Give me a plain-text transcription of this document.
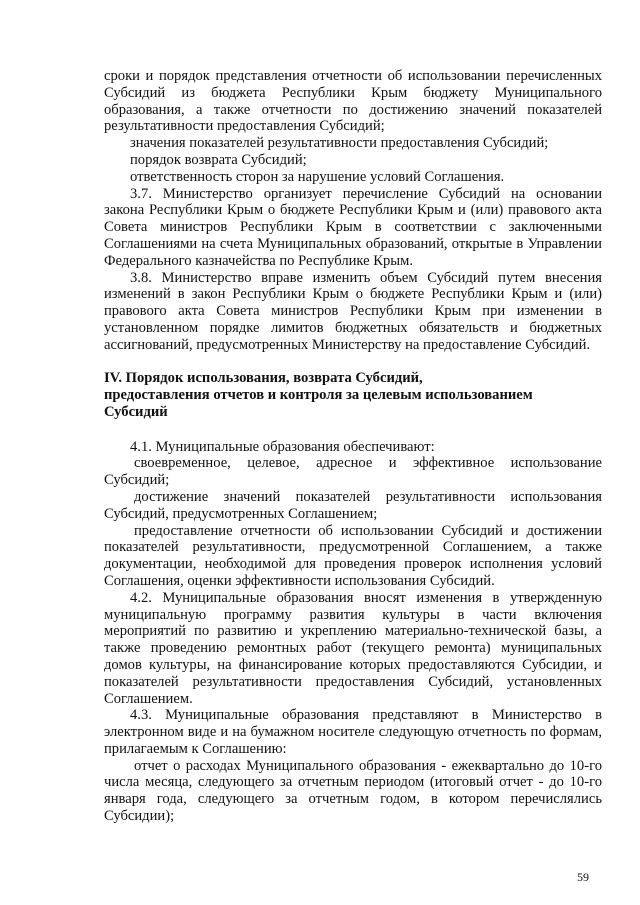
сроки и порядок представления отчетности об использовании перечисленных Субсидий из бюджета Республики Крым бюджету Муниципального образования, а также отчетности по достижению значений показателей результативности предоставления Субсидий;

значения показателей результативности предоставления Субсидий;

порядок возврата Субсидий;

ответственность сторон за нарушение условий Соглашения.

3.7. Министерство организует перечисление Субсидий на основании закона Республики Крым о бюджете Республики Крым и (или) правового акта Совета министров Республики Крым в соответствии с заключенными Соглашениями на счета Муниципальных образований, открытые в Управлении Федерального казначейства по Республике Крым.

3.8. Министерство вправе изменить объем Субсидий путем внесения изменений в закон Республики Крым о бюджете Республики Крым и (или) правового акта Совета министров Республики Крым при изменении в установленном порядке лимитов бюджетных обязательств и бюджетных ассигнований, предусмотренных Министерству на предоставление Субсидий.

IV. Порядок использования, возврата Субсидий,

предоставления отчетов и контроля за целевым использованием

Субсидий

4.1. Муниципальные образования обеспечивают:

своевременное, целевое, адресное и эффективное использование Субсидий;

достижение значений показателей результативности использования Субсидий, предусмотренных Соглашением;

предоставление отчетности об использовании Субсидий и достижении показателей результативности, предусмотренной Соглашением, а также документации, необходимой для проведения проверок исполнения условий Соглашения, оценки эффективности использования Субсидий.

4.2. Муниципальные образования вносят изменения в утвержденную муниципальную программу развития культуры в части включения мероприятий по развитию и укреплению материально-технической базы, а также проведению ремонтных работ (текущего ремонта) муниципальных домов культуры, на финансирование которых предоставляются Субсидии, и показателей результативности предоставления Субсидий, установленных Соглашением.

4.3. Муниципальные образования представляют в Министерство в электронном виде и на бумажном носителе следующую отчетность по формам, прилагаемым к Соглашению:

отчет о расходах Муниципального образования - ежеквартально до 10-го числа месяца, следующего за отчетным периодом (итоговый отчет - до 10-го января года, следующего за отчетным годом, в котором перечислялись Субсидии);

59
